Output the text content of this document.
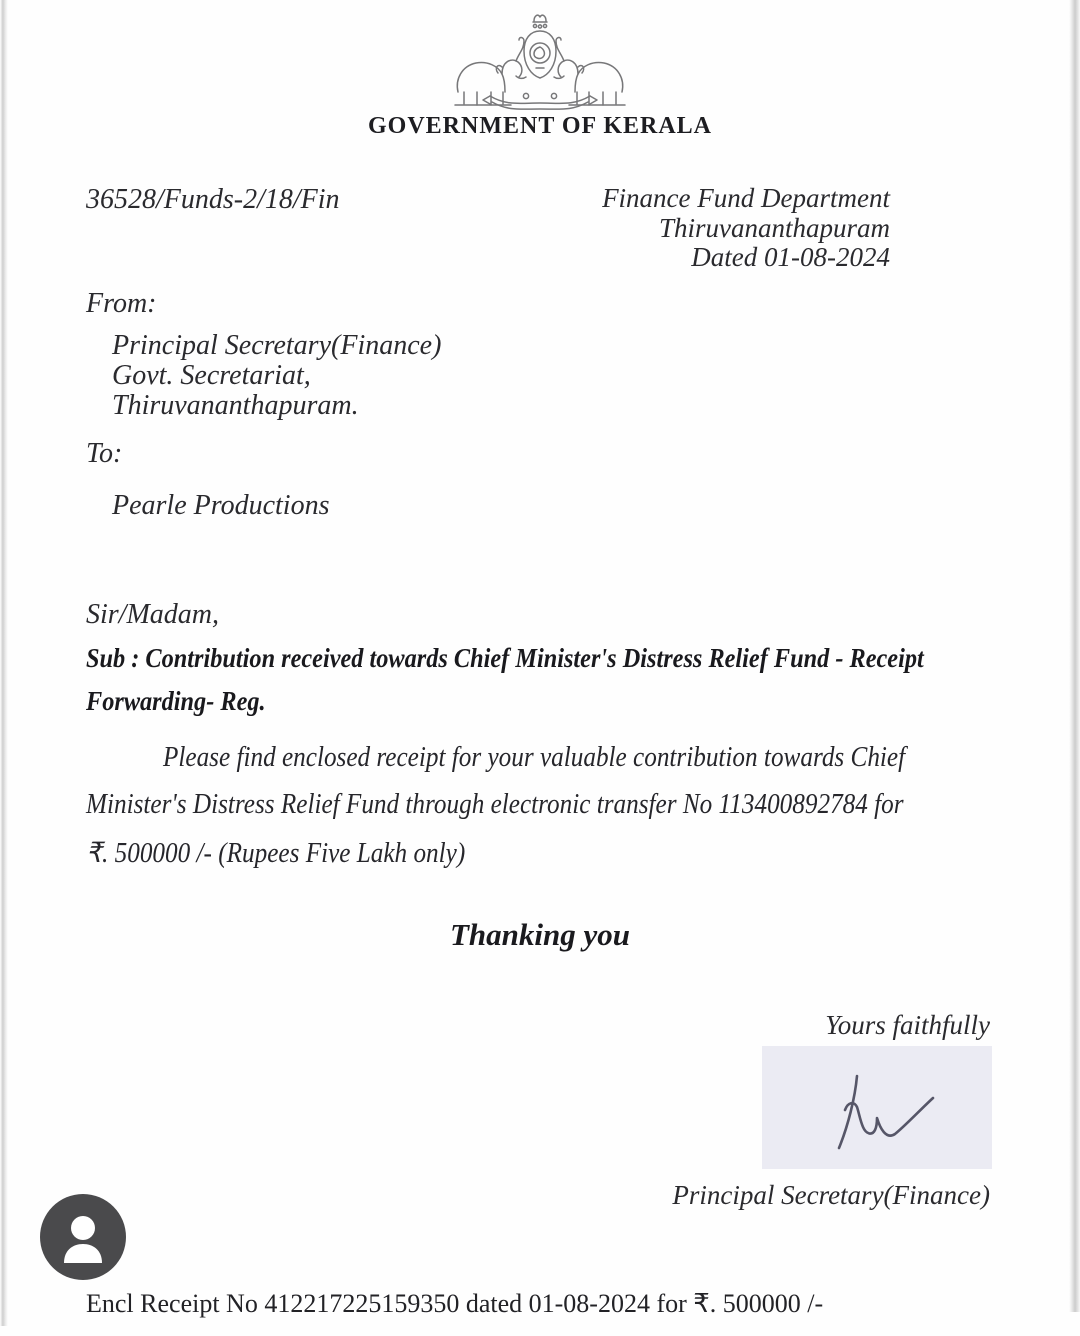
GOVERNMENT OF KERALA
36528/Funds-2/18/Fin	Finance Fund Department
Thiruvananthapuram
Dated 01-08-2024
From:
Principal Secretary(Finance)
Govt. Secretariat,
Thiruvananthapuram.
To:
Pearle Productions
Sir/Madam,
Sub : Contribution received towards Chief Minister's Distress Relief Fund - Receipt
Forwarding- Reg.
Please find enclosed receipt for your valuable contribution towards Chief
Minister's Distress Relief Fund through electronic transfer No 113400892784 for
₹. 500000 /- (Rupees Five Lakh only)
Thanking you
Yours faithfully
Principal Secretary(Finance)
Encl Receipt No 412217225159350 dated 01-08-2024 for ₹. 500000 /-
